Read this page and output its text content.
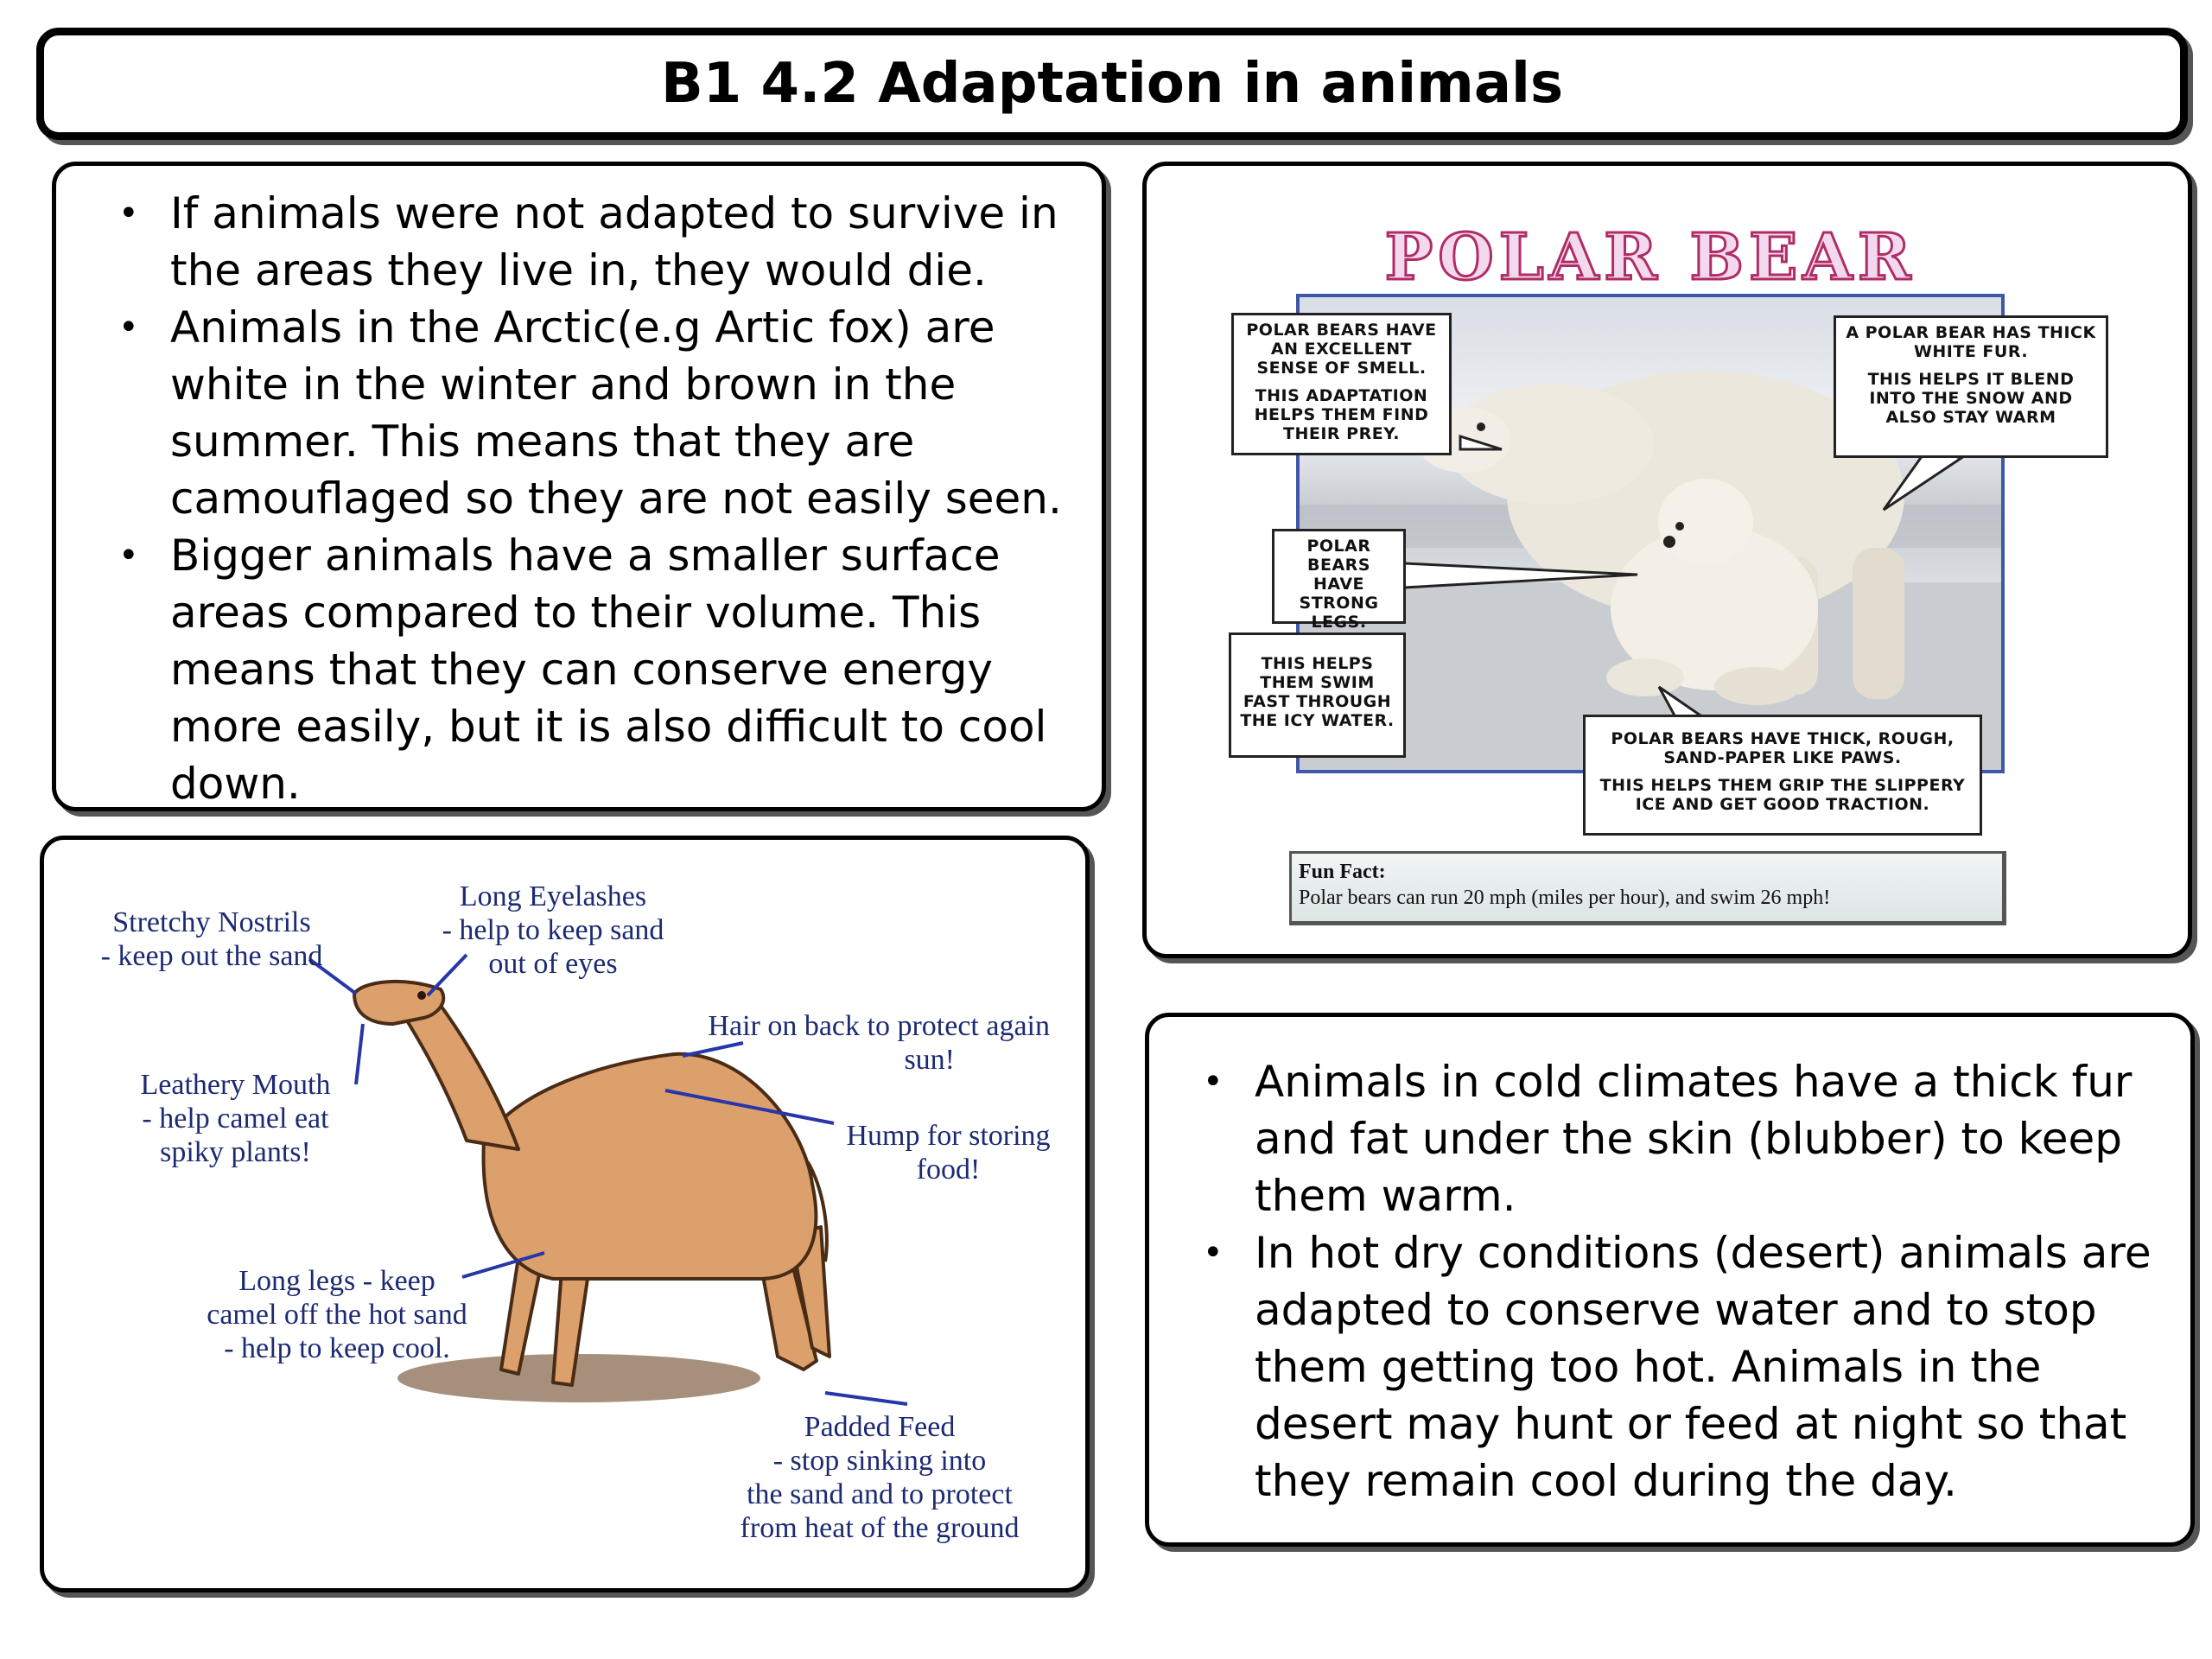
B1 4.2 Adaptation in animals
• If animals were not adapted to survive in the areas they live in, they would die.
• Animals in the Arctic(e.g Artic fox) are white in the winter and brown in the summer. This means that they are camouflaged so they are not easily seen.
• Bigger animals have a smaller surface areas compared to their volume. This means that they can conserve energy more easily, but it is also difficult to cool down.
POLAR BEAR

POLAR BEARS HAVE AN EXCELLENT SENSE OF SMELL.

THIS ADAPTATION HELPS THEM FIND THEIR PREY.

A POLAR BEAR HAS THICK WHITE FUR.

THIS HELPS IT BLEND INTO THE SNOW AND ALSO STAY WARM

POLAR BEARS HAVE STRONG LEGS.

THIS HELPS THEM SWIM FAST THROUGH THE ICY WATER.

POLAR BEARS HAVE THICK, ROUGH, SAND-PAPER LIKE PAWS.

THIS HELPS THEM GRIP THE SLIPPERY ICE AND GET GOOD TRACTION.

Fun Fact:
Polar bears can run 20 mph (miles per hour), and swim 26 mph!
Stretchy Nostrils
- keep out the sand
Long Eyelashes
- help to keep sand
out of eyes
Hair on back to protect again
sun!
Leathery Mouth
- help camel eat
spiky plants!
Hump for storing
food!
Long legs - keep
camel off the hot sand
- help to keep cool.
Padded Feed
- stop sinking into
the sand and to protect
from heat of the ground
• Animals in cold climates have a thick fur and fat under the skin (blubber) to keep them warm.
• In hot dry conditions (desert) animals are adapted to conserve water and to stop them getting too hot. Animals in the desert may hunt or feed at night so that they remain cool during the day.
